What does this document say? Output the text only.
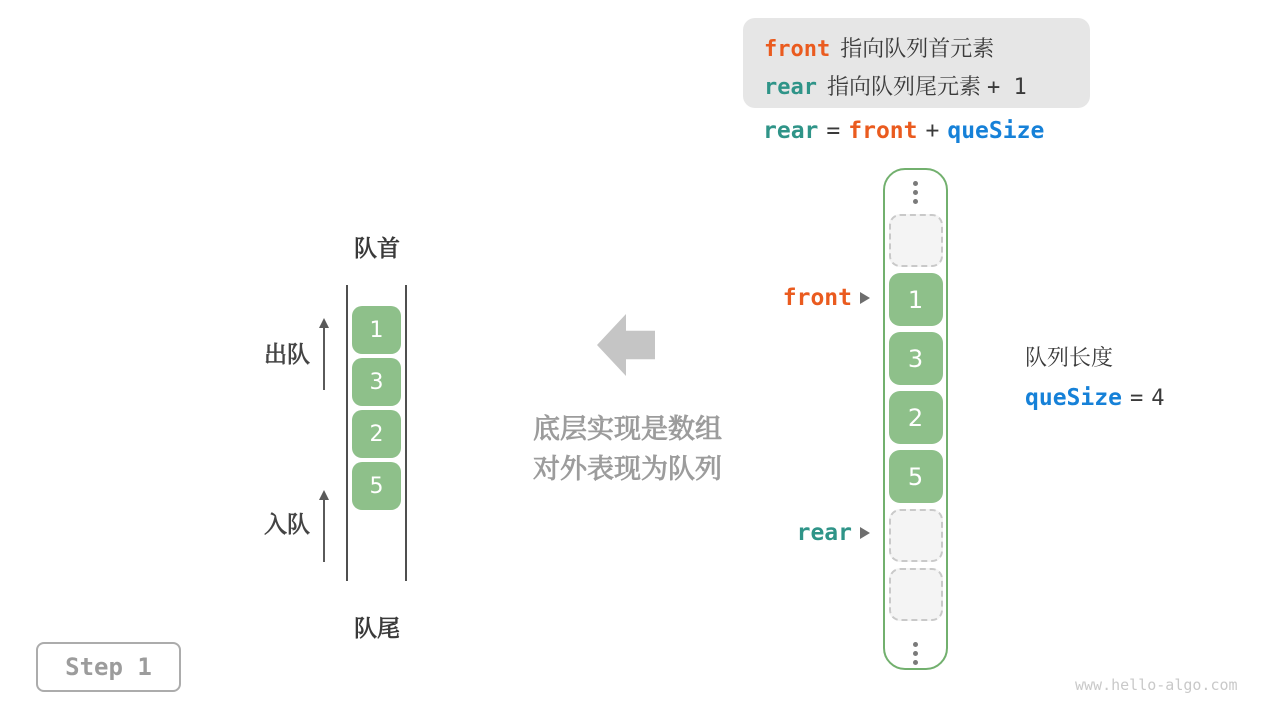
front 指向队列首元素
rear 指向队列尾元素 + 1
rear = front + queSize
队首
1
3
2
5
出队
入队
队尾
底层实现是数组
对外表现为队列
1
3
2
5
front
rear
队列长度
queSize = 4
Step 1
www.hello-algo.com
